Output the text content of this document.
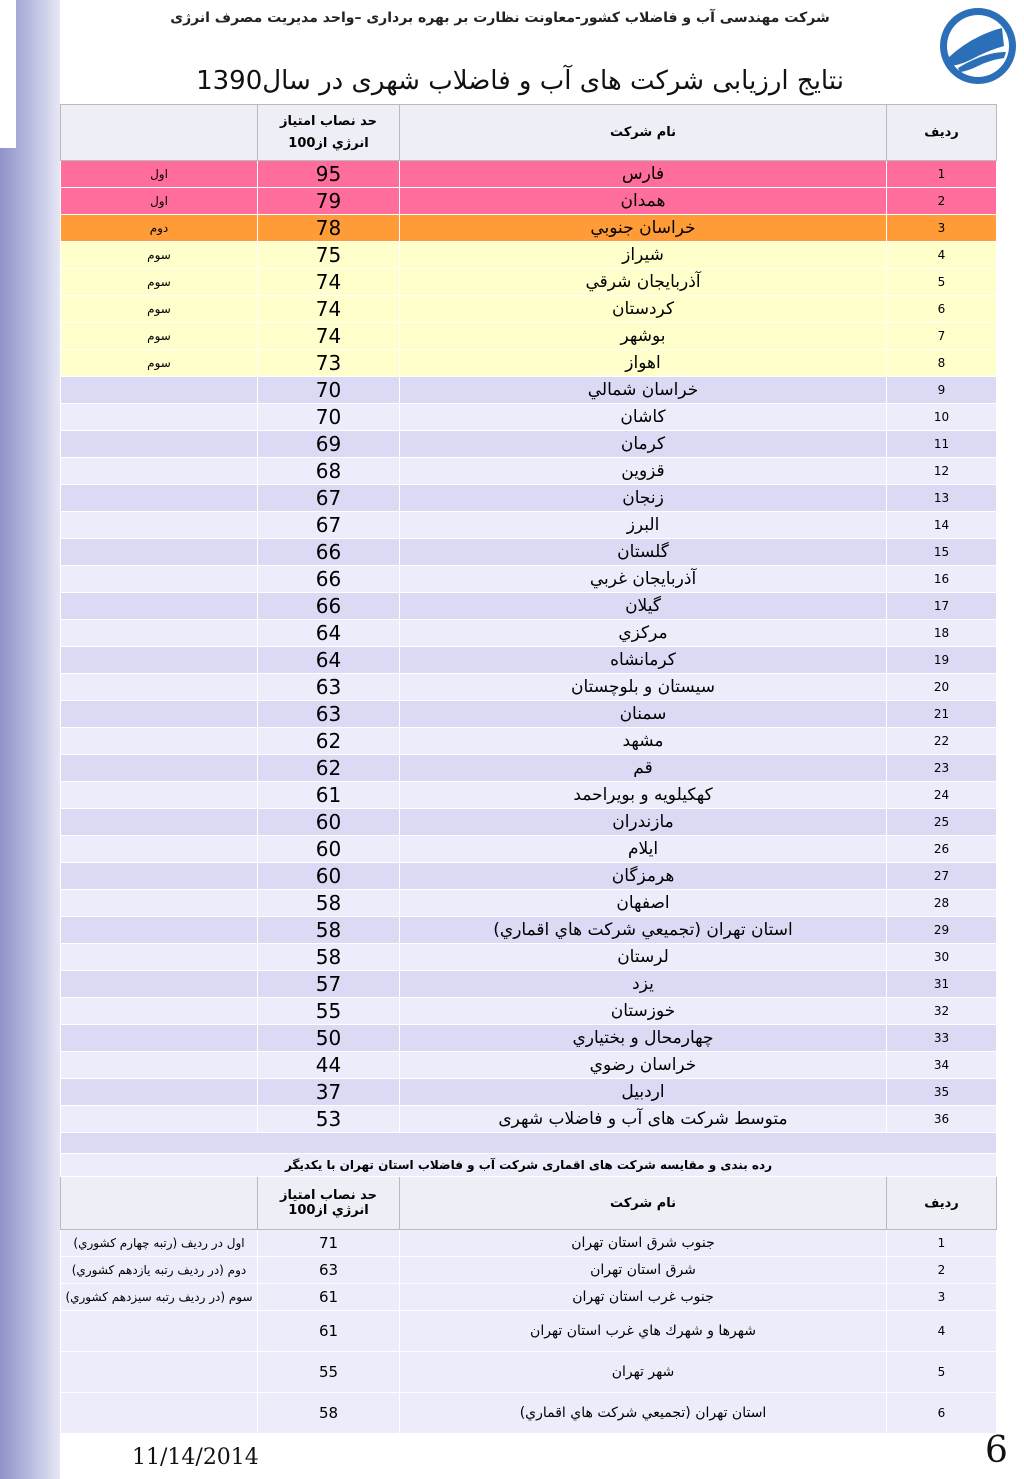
شرکت مهندسی آب و فاضلاب کشور-معاونت نظارت بر بهره برداری –واحد مدیریت مصرف انرژی
نتایج ارزیابی شرکت های آب و فاضلاب شهری در سال1390

	حد نصاب امتياز
انرژي از100	نام شرکت	رديف
اول	95	فارس	1
اول	79	همدان	2
دوم	78	خراسان جنوبي	3
سوم	75	شيراز	4
سوم	74	آذربايجان شرقي	5
سوم	74	كردستان	6
سوم	74	بوشهر	7
سوم	73	اهواز	8
	70	خراسان شمالي	9
	70	كاشان	10
	69	كرمان	11
	68	قزوين	12
	67	زنجان	13
	67	البرز	14
	66	گلستان	15
	66	آذربايجان غربي	16
	66	گيلان	17
	64	مركزي	18
	64	كرمانشاه	19
	63	سيستان و بلوچستان	20
	63	سمنان	21
	62	مشهد	22
	62	قم	23
	61	كهكيلويه و بويراحمد	24
	60	مازندران	25
	60	ايلام	26
	60	هرمزگان	27
	58	اصفهان	28
	58	استان تهران (تجميعي شركت هاي اقماري)	29
	58	لرستان	30
	57	يزد	31
	55	خوزستان	32
	50	چهارمحال و بختياري	33
	44	خراسان رضوي	34
	37	اردبيل	35
	53	متوسط شرکت های آب و فاضلاب شهری	36

رده بندی و مقایسه شرکت های اقماری شرکت آب و فاضلاب استان تهران با یکدیگر			

	حد نصاب امتياز
انرژي از100	نام شرکت	رديف
اول در رديف (رتبه چهارم کشوري)	71	جنوب شرق استان تهران	1
دوم (در رديف رتبه يازدهم کشوري)	63	شرق استان تهران	2
سوم (در رديف رتبه سيزدهم کشوري)	61	جنوب غرب استان تهران	3
	61	شهرها و شهرك هاي غرب استان تهران	4
	55	شهر تهران	5
	58	استان تهران (تجميعي شركت هاي اقماري)	6
11/14/2014	6
